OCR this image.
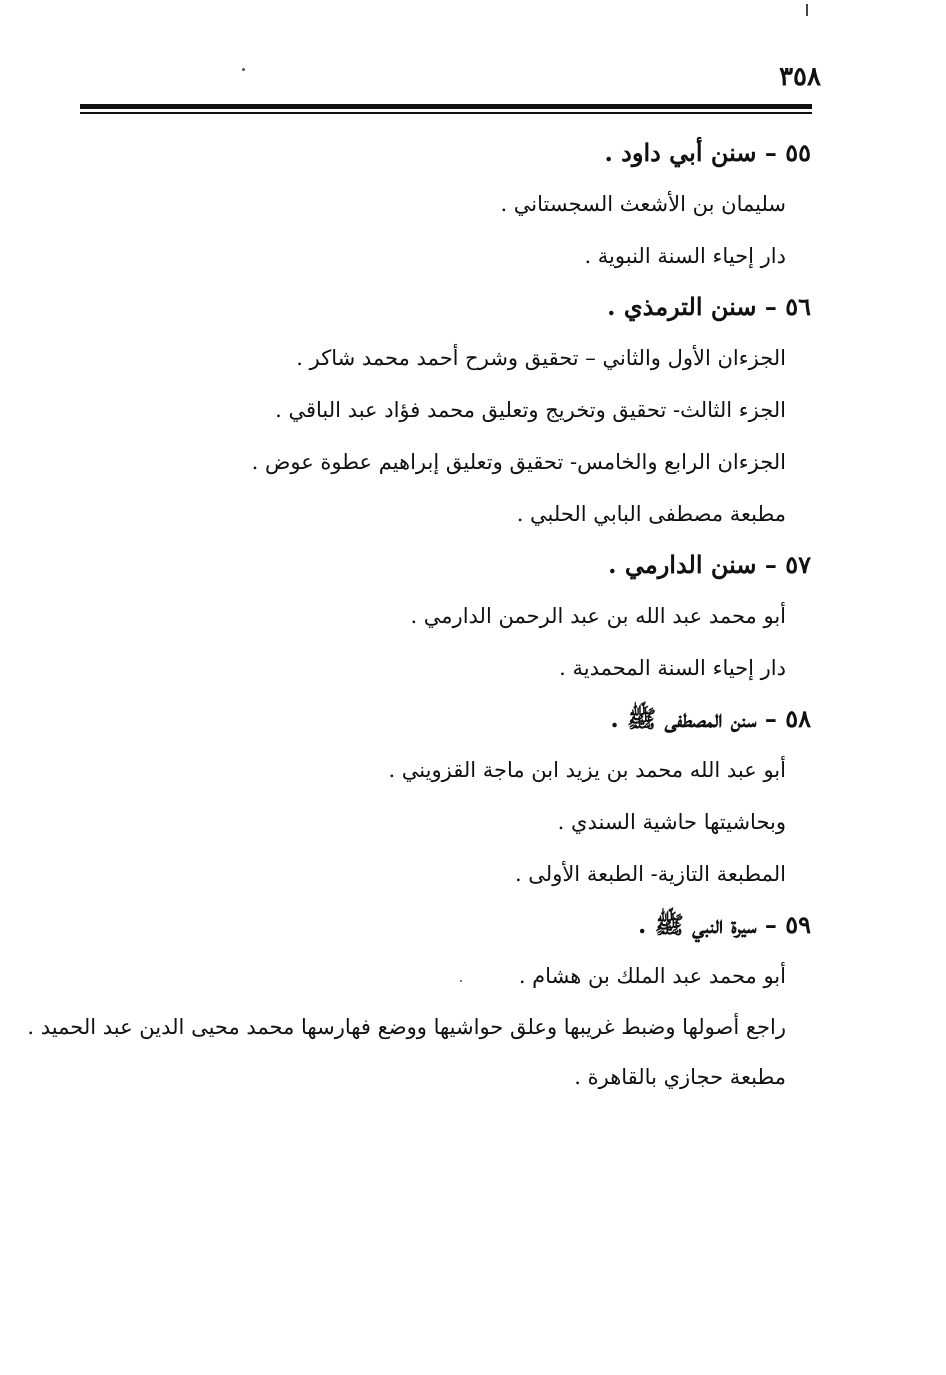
٣٥٨
٥٥ – سنن أبي داود .
سليمان بن الأشعث السجستاني .
دار إحياء السنة النبوية .
٥٦ – سنن الترمذي .
الجزءان الأول والثاني – تحقيق وشرح أحمد محمد شاكر .
الجزء الثالث- تحقيق وتخريج وتعليق محمد فؤاد عبد الباقي .
الجزءان الرابع والخامس- تحقيق وتعليق إبراهيم عطوة عوض .
مطبعة مصطفى البابي الحلبي .
٥٧ – سنن الدارمي .
أبو محمد عبد الله بن عبد الرحمن الدارمي .
دار إحياء السنة المحمدية .
٥٨ – سنن المصطفى ﷺ .
أبو عبد الله محمد بن يزيد ابن ماجة القزويني .
وبحاشيتها حاشية السندي .
المطبعة التازية- الطبعة الأولى .
٥٩ – سيرة النبي ﷺ .
أبو محمد عبد الملك بن هشام .
راجع أصولها وضبط غريبها وعلق حواشيها ووضع فهارسها محمد محيى الدين عبد الحميد .
مطبعة حجازي بالقاهرة .
